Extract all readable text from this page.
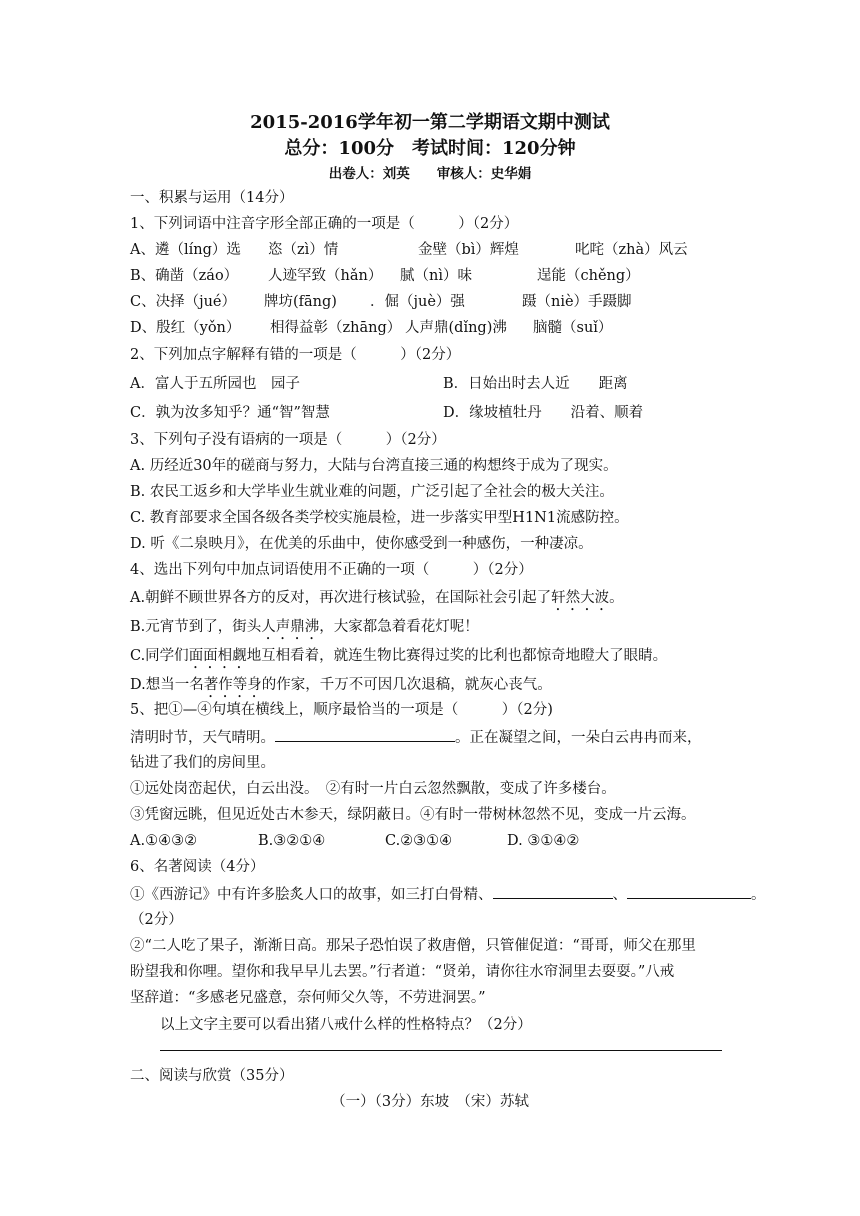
2015-2016学年初一第二学期语文期中测试
总分：100分　考试时间：120分钟
出卷人：刘英　　审核人：史华娟
一、积累与运用（14分）
1、下列词语中注音字形全部正确的一项是（　　　）（2分）
A、遴（líng）选 恣（zì）情	金壁（bì）辉煌	叱咤（zhà）风云
B、确凿（záo） 人迹罕致（hǎn） 腻（nì）味	逞能（chěng）
C、决择（jué） 牌坊(fāng) ．倔（juè）强	蹑（niè）手蹑脚
D、殷红（yǒn） 相得益彰（zhāng） 人声鼎(dǐng)沸 脑髓（suǐ）
2、下列加点字解释有错的一项是（　　　）（2分）
A．富人于五所园也　园子	B．日始出时去人近　　距离
C．孰为汝多知乎？通“智”智慧	D．缘坡植牡丹　　沿着、顺着
3、下列句子没有语病的一项是（　　　）（2分）
A. 历经近30年的磋商与努力，大陆与台湾直接三通的构想终于成为了现实。
B. 农民工返乡和大学毕业生就业难的问题，广泛引起了全社会的极大关注。
C. 教育部要求全国各级各类学校实施晨检，进一步落实甲型H1N1流感防控。
D. 听《二泉映月》，在优美的乐曲中，使你感受到一种感伤，一种凄凉。
4、选出下列句中加点词语使用不正确的一项（　　　）（2分）
A.朝鲜不顾世界各方的反对，再次进行核试验，在国际社会引起了轩然大波。
B.元宵节到了，街头人声鼎沸，大家都急着看花灯呢！
C.同学们面面相觑地互相看着，就连生物比赛得过奖的比利也都惊奇地瞪大了眼睛。
D.想当一名著作等身的作家，千万不可因几次退稿，就灰心丧气。
5、把①—④句填在横线上，顺序最恰当的一项是（　　　）（2分)
清明时节，天气晴明。	。正在凝望之间，一朵白云冉冉而来，
钻进了我们的房间里。
①远处岗峦起伏，白云出没。　②有时一片白云忽然飘散，变成了许多楼台。
③凭窗远眺，但见近处古木参天，绿阴蔽日。④有时一带树林忽然不见，变成一片云海。
A.①④③②	B.③②①④	C.②③①④	D. ③①④②
6、名著阅读（4分）
①《西游记》中有许多脍炙人口的故事，如三打白骨精、	、	。
（2分）
②“二人吃了果子，渐渐日高。那呆子恐怕误了救唐僧，只管催促道：“哥哥，师父在那里
盼望我和你哩。望你和我早早儿去罢。”行者道：“贤弟，请你往水帘洞里去耍耍。”八戒
坚辞道：“多感老兄盛意，奈何师父久等，不劳进洞罢。”
以上文字主要可以看出猪八戒什么样的性格特点？（2分）
二、阅读与欣赏（35分）
（一）（3分）东坡　（宋）苏轼
